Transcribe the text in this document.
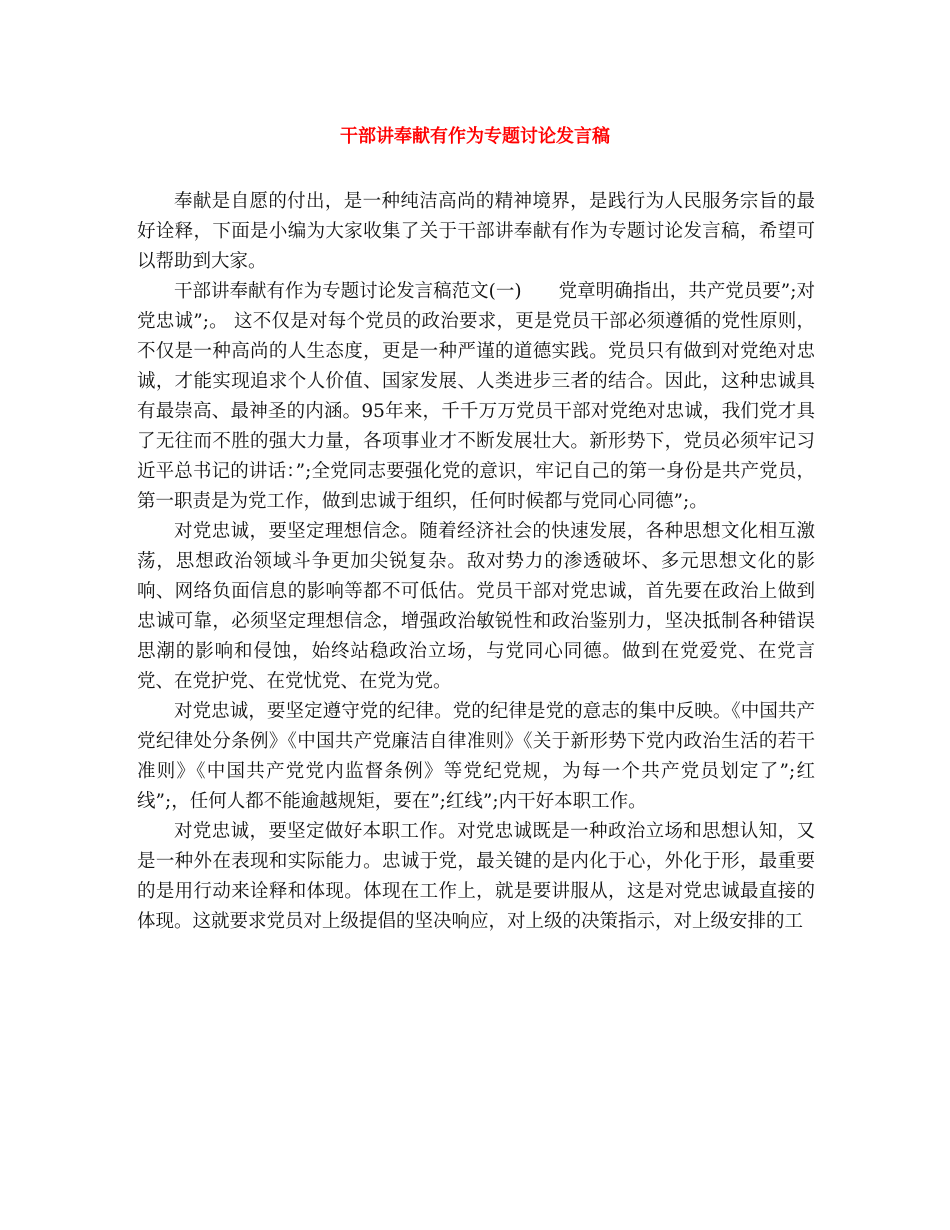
干部讲奉献有作为专题讨论发言稿

奉献是自愿的付出，是一种纯洁高尚的精神境界，是践行为人民服务宗旨的最好诠释，下面是小编为大家收集了关于干部讲奉献有作为专题讨论发言稿，希望可以帮助到大家。

干部讲奉献有作为专题讨论发言稿范文(一)　　党章明确指出，共产党员要”;对党忠诚”;。 这不仅是对每个党员的政治要求，更是党员干部必须遵循的党性原则，不仅是一种高尚的人生态度，更是一种严谨的道德实践。党员只有做到对党绝对忠诚，才能实现追求个人价值、国家发展、人类进步三者的结合。因此，这种忠诚具有最崇高、最神圣的内涵。95年来，千千万万党员干部对党绝对忠诚，我们党才具了无往而不胜的强大力量，各项事业才不断发展壮大。新形势下，党员必须牢记习近平总书记的讲话：”;全党同志要强化党的意识，牢记自己的第一身份是共产党员，第一职责是为党工作，做到忠诚于组织，任何时候都与党同心同德”;。

对党忠诚，要坚定理想信念。随着经济社会的快速发展，各种思想文化相互激荡，思想政治领域斗争更加尖锐复杂。敌对势力的渗透破坏、多元思想文化的影响、网络负面信息的影响等都不可低估。党员干部对党忠诚，首先要在政治上做到忠诚可靠，必须坚定理想信念，增强政治敏锐性和政治鉴别力，坚决抵制各种错误思潮的影响和侵蚀，始终站稳政治立场，与党同心同德。做到在党爱党、在党言党、在党护党、在党忧党、在党为党。

对党忠诚，要坚定遵守党的纪律。党的纪律是党的意志的集中反映。《中国共产党纪律处分条例》《中国共产党廉洁自律准则》《关于新形势下党内政治生活的若干准则》《中国共产党党内监督条例》等党纪党规，为每一个共产党员划定了”;红线”;，任何人都不能逾越规矩，要在”;红线”;内干好本职工作。

对党忠诚，要坚定做好本职工作。对党忠诚既是一种政治立场和思想认知，又是一种外在表现和实际能力。忠诚于党，最关键的是内化于心，外化于形，最重要的是用行动来诠释和体现。体现在工作上，就是要讲服从，这是对党忠诚最直接的体现。这就要求党员对上级提倡的坚决响应，对上级的决策指示，对上级安排的工
